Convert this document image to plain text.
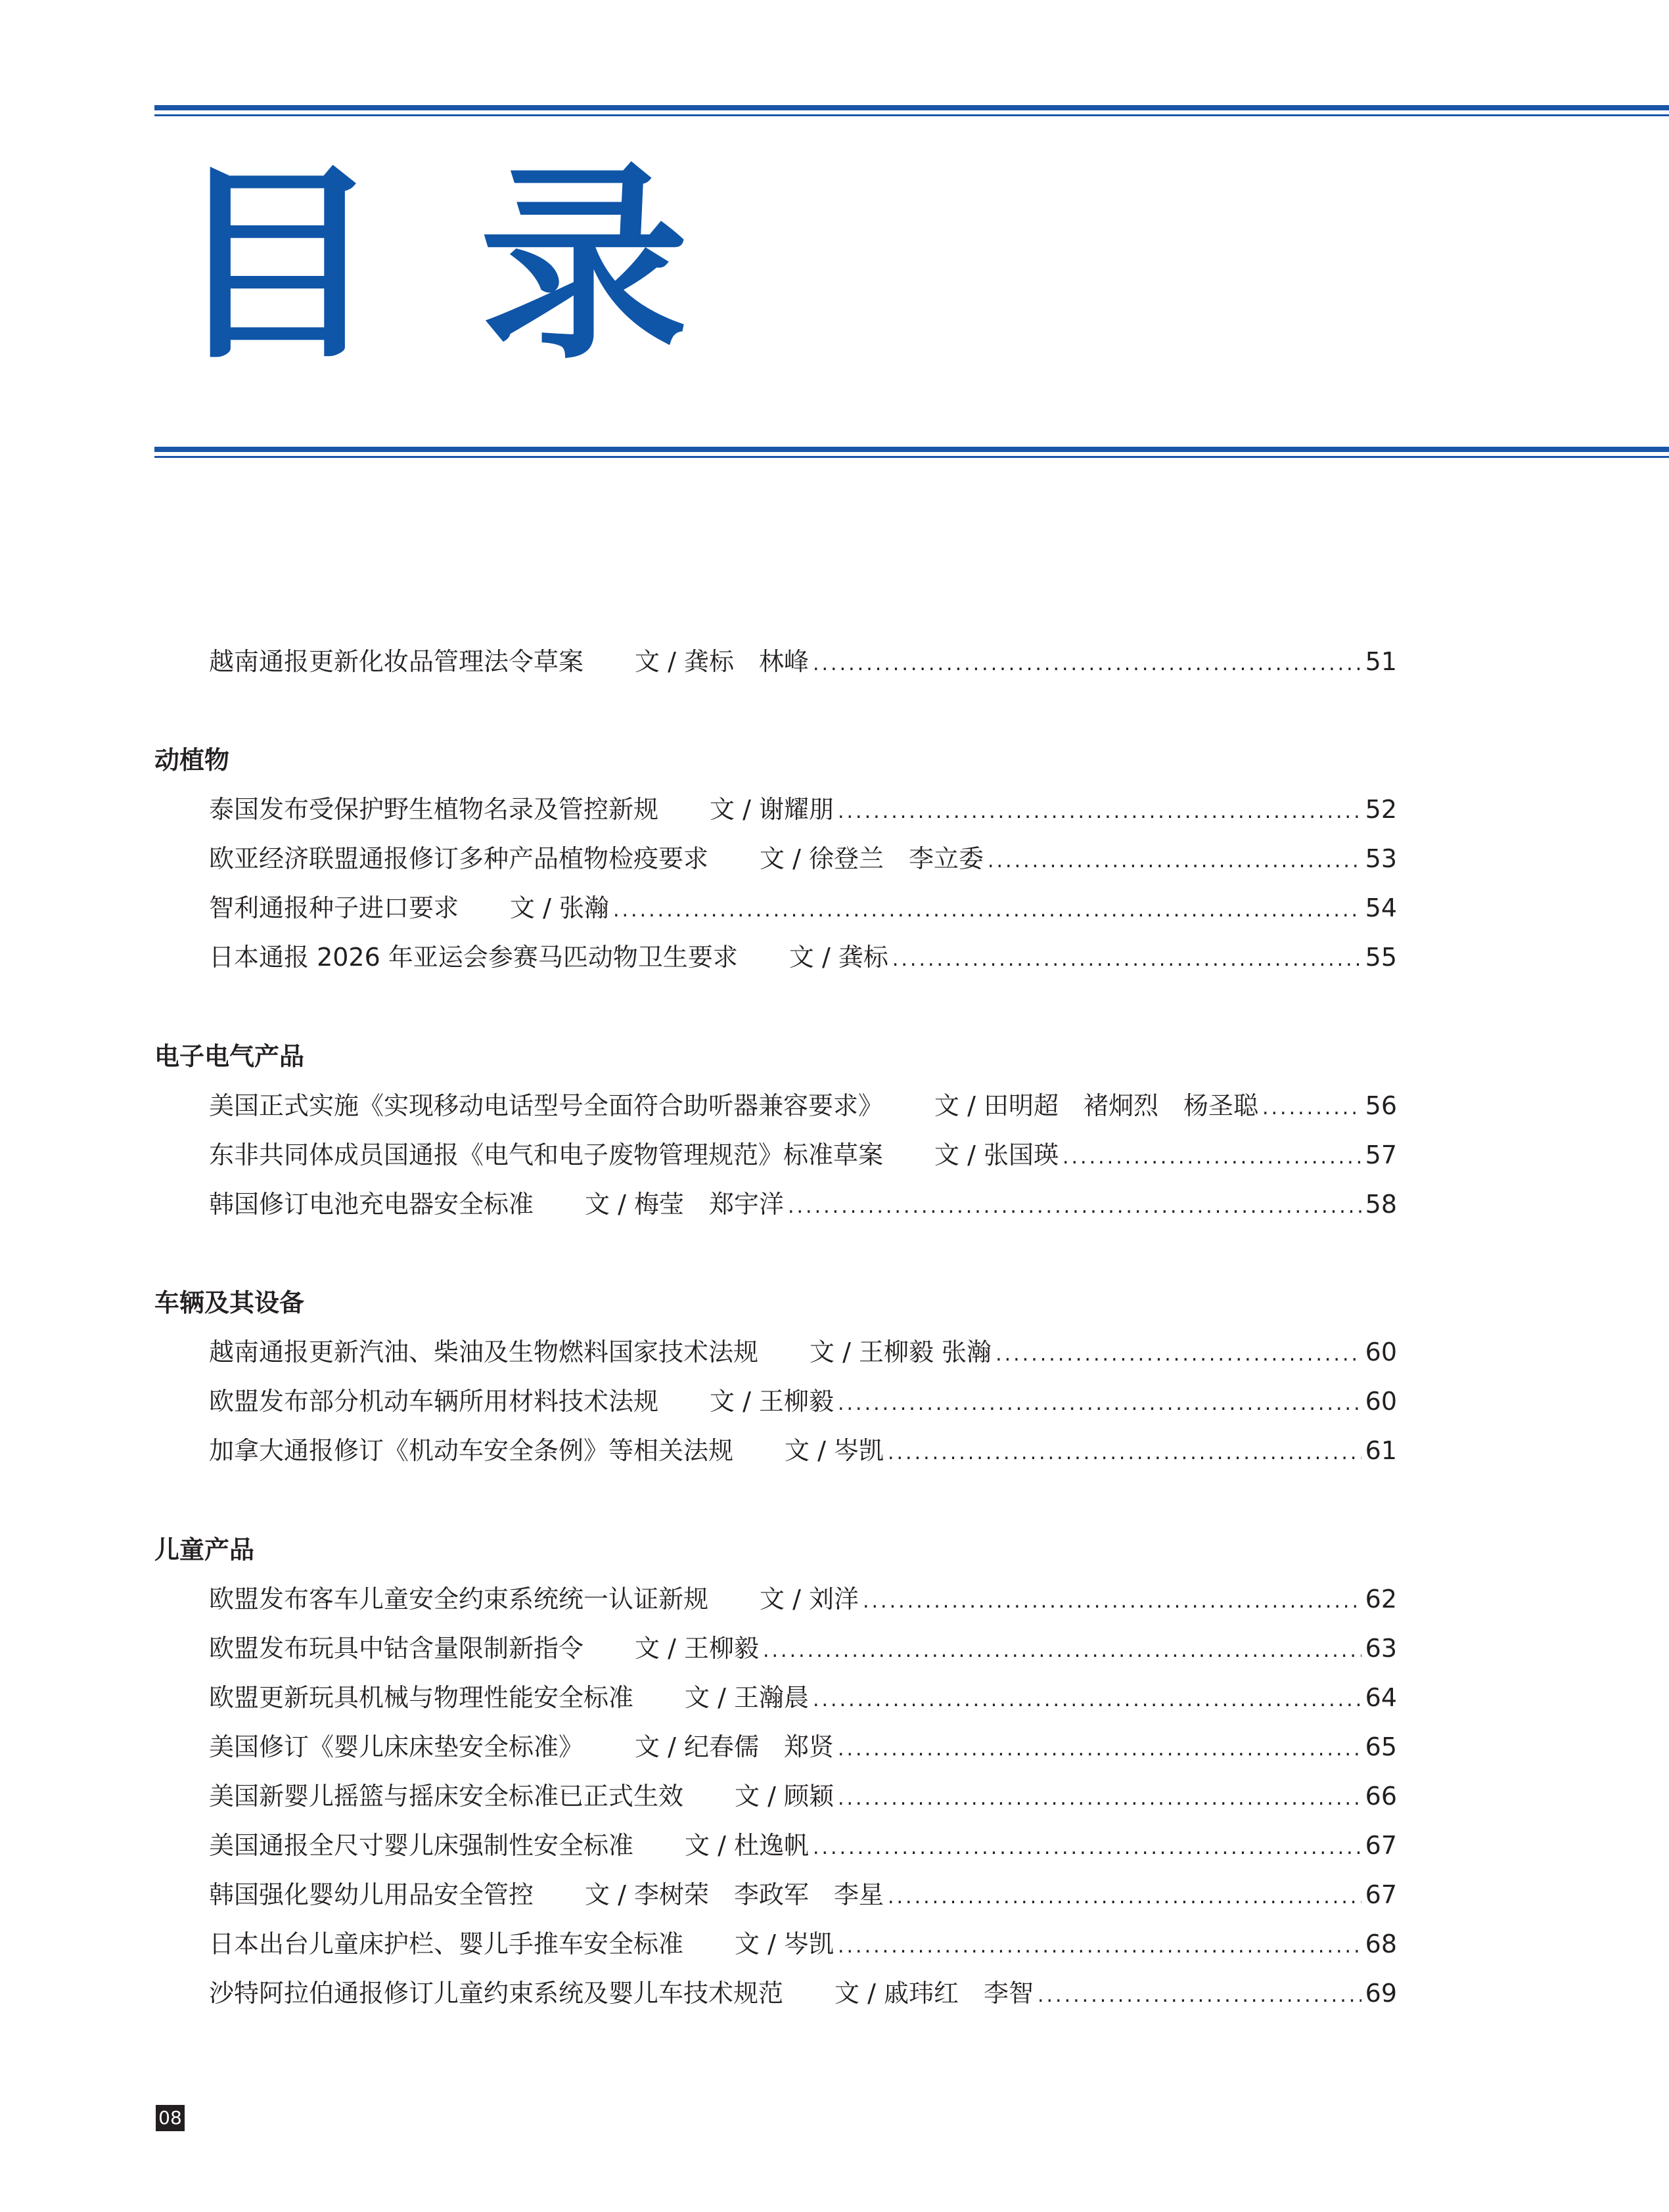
目 录
越南通报更新化妆品管理法令草案 文 / 龚标　林峰 .....	51
动植物
泰国发布受保护野生植物名录及管控新规 文 / 谢耀朋 .....	52
欧亚经济联盟通报修订多种产品植物检疫要求 文 / 徐登兰　李立委 .....	53
智利通报种子进口要求 文 / 张瀚 .....	54
日本通报 2026 年亚运会参赛马匹动物卫生要求 文 / 龚标 .....	55
电子电气产品
美国正式实施《实现移动电话型号全面符合助听器兼容要求》 文 / 田明超　褚炯烈　杨圣聪 .....	56
东非共同体成员国通报《电气和电子废物管理规范》标准草案 文 / 张国瑛 .....	57
韩国修订电池充电器安全标准 文 / 梅莹　郑宇洋 .....	58
车辆及其设备
越南通报更新汽油、柴油及生物燃料国家技术法规 文 / 王柳毅 张瀚 .....	60
欧盟发布部分机动车辆所用材料技术法规 文 / 王柳毅 .....	60
加拿大通报修订《机动车安全条例》等相关法规 文 / 岑凯 .....	61
儿童产品
欧盟发布客车儿童安全约束系统统一认证新规 文 / 刘洋 .....	62
欧盟发布玩具中钴含量限制新指令 文 / 王柳毅 .....	63
欧盟更新玩具机械与物理性能安全标准 文 / 王瀚晨 .....	64
美国修订《婴儿床床垫安全标准》 文 / 纪春儒　郑贤 .....	65
美国新婴儿摇篮与摇床安全标准已正式生效 文 / 顾颖 .....	66
美国通报全尺寸婴儿床强制性安全标准 文 / 杜逸帆 .....	67
韩国强化婴幼儿用品安全管控 文 / 李树荣　李政军　李星 .....	67
日本出台儿童床护栏、婴儿手推车安全标准 文 / 岑凯 .....	68
沙特阿拉伯通报修订儿童约束系统及婴儿车技术规范 文 / 戚玮红　李智 .....	69
08
